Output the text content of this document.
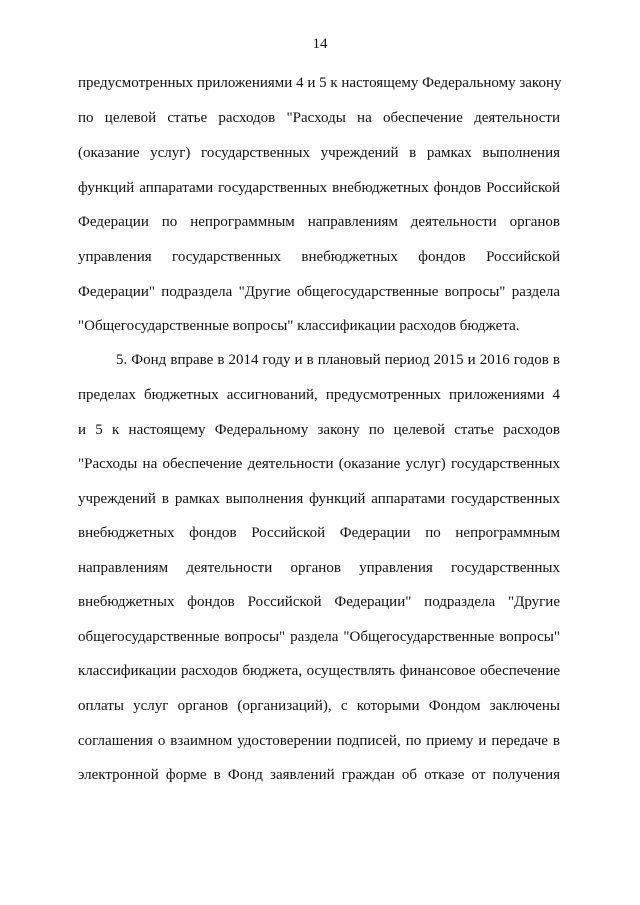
14
предусмотренных приложениями 4 и 5 к настоящему Федеральному закону
по целевой статье расходов "Расходы на обеспечение деятельности
(оказание услуг) государственных учреждений в рамках выполнения
функций аппаратами государственных внебюджетных фондов Российской
Федерации по непрограммным направлениям деятельности органов
управления государственных внебюджетных фондов Российской
Федерации" подраздела "Другие общегосударственные вопросы" раздела
"Общегосударственные вопросы" классификации расходов бюджета.
5. Фонд вправе в 2014 году и в плановый период 2015 и 2016 годов в
пределах бюджетных ассигнований, предусмотренных приложениями 4
и 5 к настоящему Федеральному закону по целевой статье расходов
"Расходы на обеспечение деятельности (оказание услуг) государственных
учреждений в рамках выполнения функций аппаратами государственных
внебюджетных фондов Российской Федерации по непрограммным
направлениям деятельности органов управления государственных
внебюджетных фондов Российской Федерации" подраздела "Другие
общегосударственные вопросы" раздела "Общегосударственные вопросы"
классификации расходов бюджета, осуществлять финансовое обеспечение
оплаты услуг органов (организаций), с которыми Фондом заключены
соглашения о взаимном удостоверении подписей, по приему и передаче в
электронной форме в Фонд заявлений граждан об отказе от получения
